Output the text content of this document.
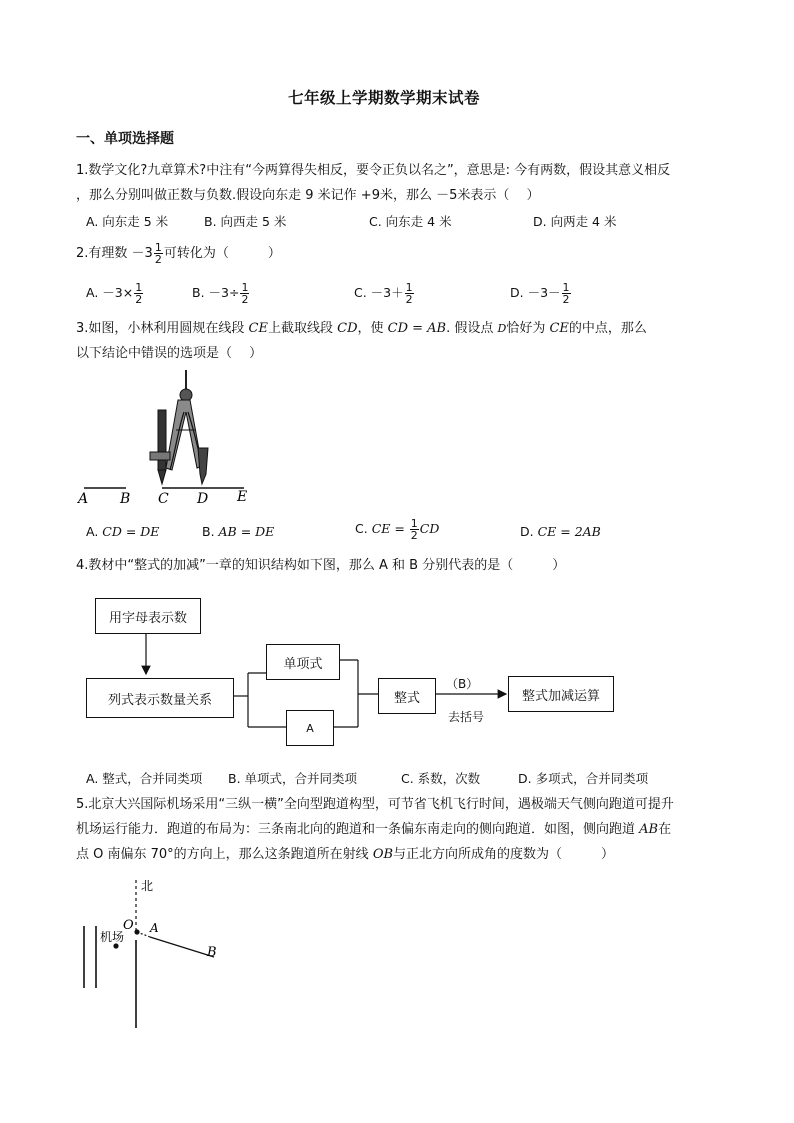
七年级上学期数学期末试卷
一、单项选择题
1.数学文化?九章算术?中注有“今两算得失相反，要令正负以名之”，意思是: 今有两数，假设其意义相反
，那么分别叫做正数与负数.假设向东走 9 米记作 +9米，那么 －5米表示（　 ）
A. 向东走 5 米	B. 向西走 5 米	C. 向东走 4 米	D. 向两走 4 米
2.有理数 $-3 \frac{1}{2}$ 可转化为（　　　）
A. $-3\times \frac{1}{2}$	B. $-3\div \frac{1}{2}$	C. $-3+ \frac{1}{2}$	D. $-3- \frac{1}{2}$
3.如图，小林利用圆规在线段 CE上截取线段 CD，使 CD = AB. 假设点 D恰好为 CE的中点，那么
以下结论中错误的选项是（　 ）
A B C D E
A. CD = DE	B. AB = DE	C. CE = $\frac{1}{2}$ CD	D. CE = 2AB
4.教材中“整式的加减”一章的知识结构如下图，那么 A 和 B 分别代表的是（　　　）
用字母表示数
列式表示数量关系
单项式
A
整式	整式加减运算
（B）
去括号
A. 整式，合并同类项 B. 单项式，合并同类项	C. 系数，次数	D. 多项式，合并同类项
5.北京大兴国际机场采用“三纵一横”全向型跑道构型，可节省飞机飞行时间，遇极端天气侧向跑道可提升
机场运行能力．跑道的布局为：三条南北向的跑道和一条偏东南走向的侧向跑道．如图，侧向跑道 AB在
点 O 南偏东 70°的方向上，那么这条跑道所在射线 OB与正北方向所成角的度数为（　　　）
北
O A
B
机场
